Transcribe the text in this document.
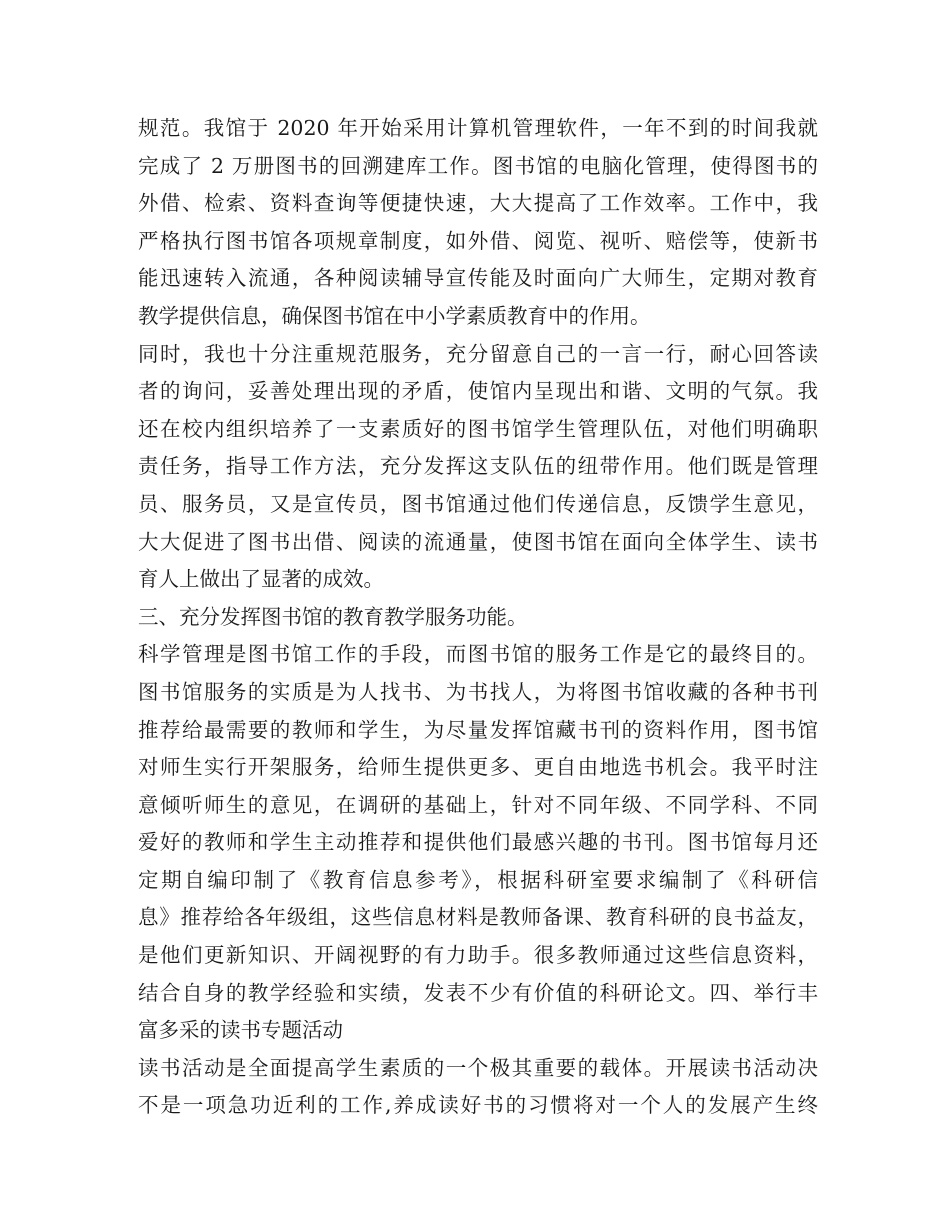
规范。我馆于 2020 年开始采用计算机管理软件，一年不到的时间我就
完成了 2 万册图书的回溯建库工作。图书馆的电脑化管理，使得图书的
外借、检索、资料查询等便捷快速，大大提高了工作效率。工作中，我
严格执行图书馆各项规章制度，如外借、阅览、视听、赔偿等，使新书
能迅速转入流通，各种阅读辅导宣传能及时面向广大师生，定期对教育
教学提供信息，确保图书馆在中小学素质教育中的作用。
同时，我也十分注重规范服务，充分留意自己的一言一行，耐心回答读
者的询问，妥善处理出现的矛盾，使馆内呈现出和谐、文明的气氛。我
还在校内组织培养了一支素质好的图书馆学生管理队伍，对他们明确职
责任务，指导工作方法，充分发挥这支队伍的纽带作用。他们既是管理
员、服务员，又是宣传员，图书馆通过他们传递信息，反馈学生意见，
大大促进了图书出借、阅读的流通量，使图书馆在面向全体学生、读书
育人上做出了显著的成效。
三、充分发挥图书馆的教育教学服务功能。
科学管理是图书馆工作的手段，而图书馆的服务工作是它的最终目的。
图书馆服务的实质是为人找书、为书找人，为将图书馆收藏的各种书刊
推荐给最需要的教师和学生，为尽量发挥馆藏书刊的资料作用，图书馆
对师生实行开架服务，给师生提供更多、更自由地选书机会。我平时注
意倾听师生的意见，在调研的基础上，针对不同年级、不同学科、不同
爱好的教师和学生主动推荐和提供他们最感兴趣的书刊。图书馆每月还
定期自编印制了《教育信息参考》，根据科研室要求编制了《科研信
息》推荐给各年级组，这些信息材料是教师备课、教育科研的良书益友，
是他们更新知识、开阔视野的有力助手。很多教师通过这些信息资料，
结合自身的教学经验和实绩，发表不少有价值的科研论文。四、举行丰
富多采的读书专题活动
读书活动是全面提高学生素质的一个极其重要的载体。开展读书活动决
不是一项急功近利的工作,养成读好书的习惯将对一个人的发展产生终
